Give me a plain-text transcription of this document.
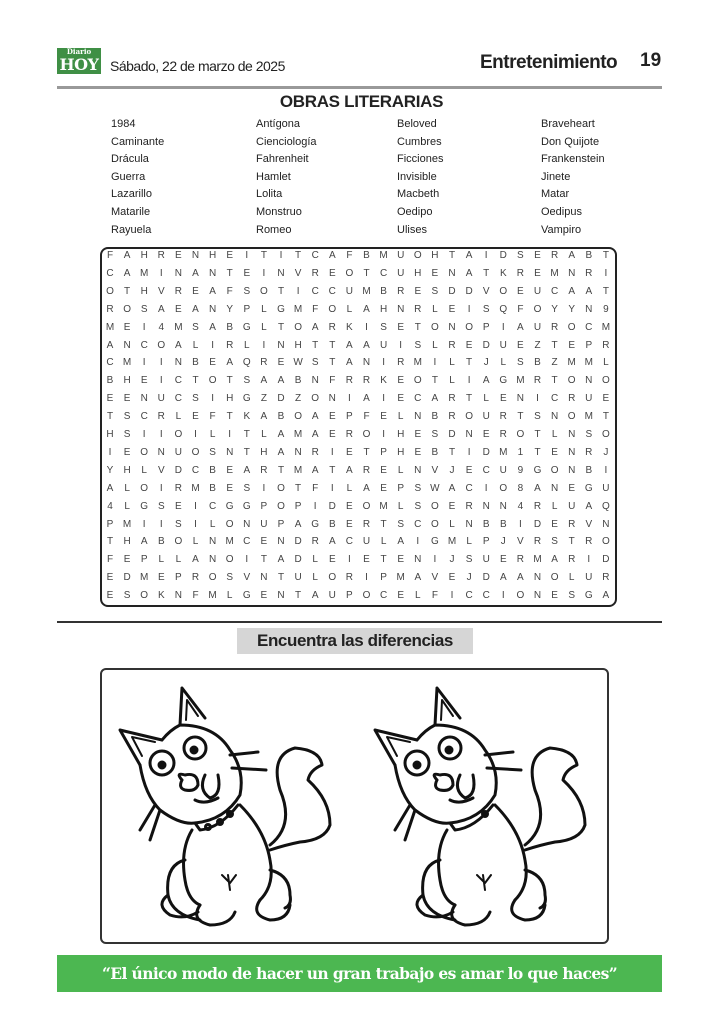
Diario
HOY Sábado, 22 de marzo de 2025	Entretenimiento 19
OBRAS LITERARIAS
1984	Antígona	Beloved	Braveheart
Caminante	Cienciología	Cumbres	Don Quijote
Drácula	Fahrenheit	Ficciones	Frankenstein
Guerra	Hamlet	Invisible	Jinete
Lazarillo	Lolita	Macbeth	Matar
Matarile	Monstruo	Oedipo	Oedipus
Rayuela	Romeo	Ulises	Vampiro
F A H R E N H E	I	T	I	T C A F B M U O H T A	I	D S E R A B T
C A M	I	N A N T E	I	N V R E O T C U H E N A T K R E M N R	I
O T H V R E A F S O T	I	C C U M B R E S D D V O E U C A A T
R O S A E A N Y P	L	G M F O	L	A H N R	L	E	I	S Q F O Y Y N	9
M E	I	4	M S A B G	L	T O A R K	I	S E T O N O P	I	A U R O C M
A N C O A	L	I	R	L	I	N H T T A A U	I	S	L	R E D U E Z T E P R
C M	I	I	N B E A Q R E W S T A N	I	R M	I	L	T	J	L	S B Z M M	L
B H E	I	C T O T S A A B N F R R K E O T	L	I	A G M R T O N O
E E N U C S	I	H G Z D Z O N	I	A	I	E C A R T	L	E N	I	C R U E
T S C R	L	E F T K A B O A E P F E	L	N B R O U R T S N O M T
H S	I	I	O	I	L	I	T	L	A M A E R O	I	H E S D N E R O T	L	N S O
I	E O N U O S N T H A N R	I	E T P H E B T	I	D M	1	T E N R	J
Y H	L	V D C B E A R T M A T A R E	L	N V	J	E C U	9	G O N B	I
A	L	O	I	R M B E S	I	O T F	I	L	A E P S W A C	I	O	8	A N E G U
4	L	G S E	I	C G G P O P	I	D E O M	L	S O E R N N	4	R	L	U A Q
P M	I	I	S	I	L	O N U P A G B E R T S C O	L	N B B	I	D E R V N
T H A B O	L	N M C E N D R A C U	L	A	I	G M	L	P	J	V R S T R O
F E P	L	L	A N O	I	T A D	L	E	I	E T E N	I	J	S U E R M A R	I	D
E D M E P R O S V N T U	L	O R	I	P M A V E	J	D A A N O	L	U R
E S O K N F M	L	G E N T A U P O C E	L	F	I	C C	I	O N E S G A
Encuentra las diferencias
“El único modo de hacer un gran trabajo es amar lo que haces”
